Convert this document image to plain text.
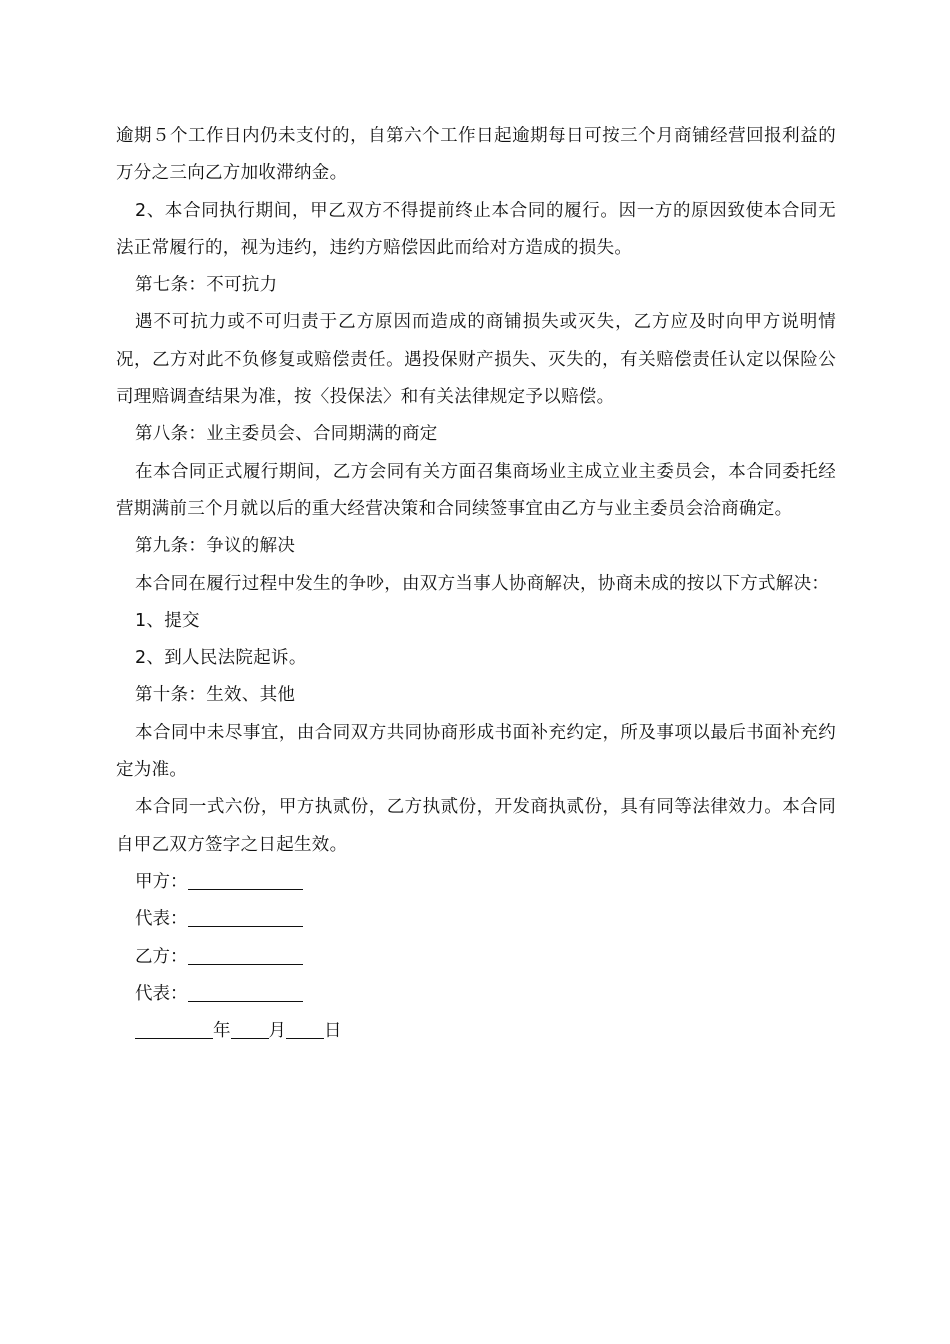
逾期５个工作日内仍未支付的，自第六个工作日起逾期每日可按三个月商铺经营回报利益的万分之三向乙方加收滞纳金。

2、本合同执行期间，甲乙双方不得提前终止本合同的履行。因一方的原因致使本合同无法正常履行的，视为违约，违约方赔偿因此而给对方造成的损失。

第七条：不可抗力

遇不可抗力或不可归责于乙方原因而造成的商铺损失或灭失，乙方应及时向甲方说明情况，乙方对此不负修复或赔偿责任。遇投保财产损失、灭失的，有关赔偿责任认定以保险公司理赔调查结果为准，按〈投保法〉和有关法律规定予以赔偿。

第八条：业主委员会、合同期满的商定

在本合同正式履行期间，乙方会同有关方面召集商场业主成立业主委员会，本合同委托经营期满前三个月就以后的重大经营决策和合同续签事宜由乙方与业主委员会洽商确定。

第九条：争议的解决

本合同在履行过程中发生的争吵，由双方当事人协商解决，协商未成的按以下方式解决：

1、提交

2、到人民法院起诉。

第十条：生效、其他

本合同中未尽事宜，由合同双方共同协商形成书面补充约定，所及事项以最后书面补充约定为准。

本合同一式六份，甲方执贰份，乙方执贰份，开发商执贰份，具有同等法律效力。本合同自甲乙双方签字之日起生效。

甲方：

代表：

乙方：

代表：

年 月 日
